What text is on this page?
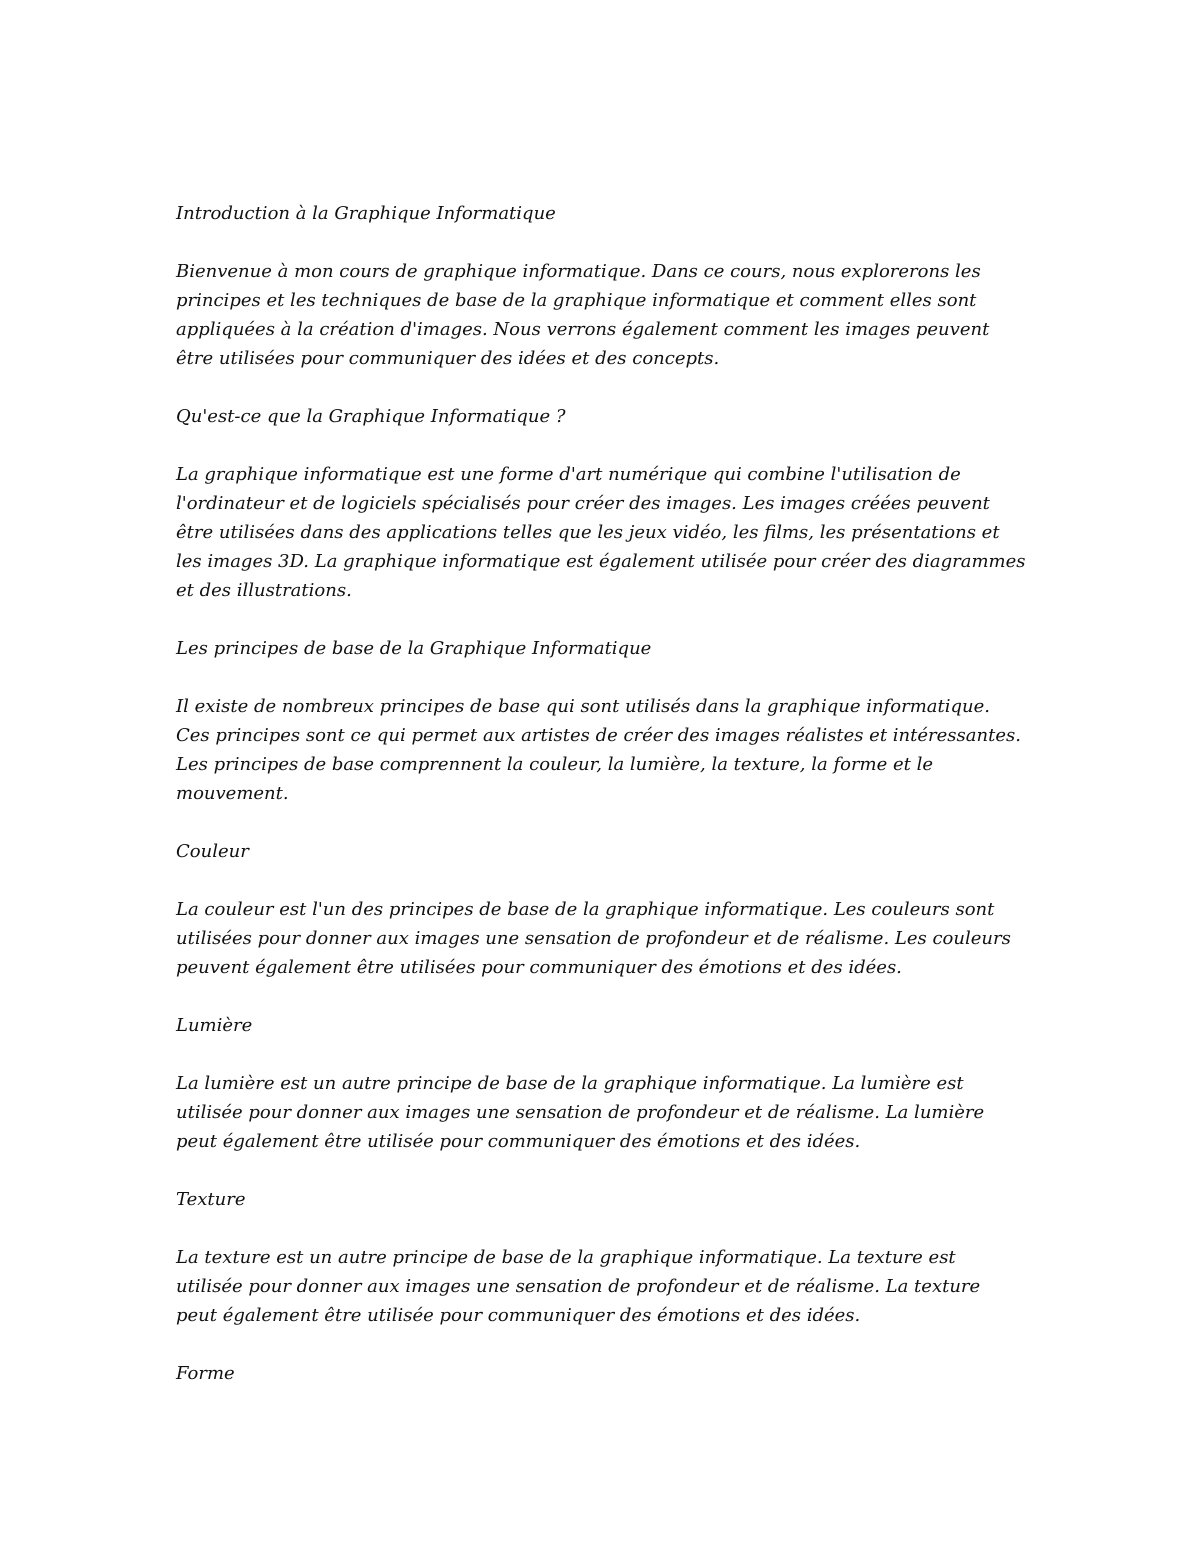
Introduction à la Graphique Informatique

Bienvenue à mon cours de graphique informatique. Dans ce cours, nous explorerons les principes et les techniques de base de la graphique informatique et comment elles sont appliquées à la création d'images. Nous verrons également comment les images peuvent être utilisées pour communiquer des idées et des concepts.

Qu'est-ce que la Graphique Informatique ?

La graphique informatique est une forme d'art numérique qui combine l'utilisation de l'ordinateur et de logiciels spécialisés pour créer des images. Les images créées peuvent être utilisées dans des applications telles que les jeux vidéo, les films, les présentations et les images 3D. La graphique informatique est également utilisée pour créer des diagrammes et des illustrations.

Les principes de base de la Graphique Informatique

Il existe de nombreux principes de base qui sont utilisés dans la graphique informatique. Ces principes sont ce qui permet aux artistes de créer des images réalistes et intéressantes. Les principes de base comprennent la couleur, la lumière, la texture, la forme et le mouvement.

Couleur

La couleur est l'un des principes de base de la graphique informatique. Les couleurs sont utilisées pour donner aux images une sensation de profondeur et de réalisme. Les couleurs peuvent également être utilisées pour communiquer des émotions et des idées.

Lumière

La lumière est un autre principe de base de la graphique informatique. La lumière est utilisée pour donner aux images une sensation de profondeur et de réalisme. La lumière peut également être utilisée pour communiquer des émotions et des idées.

Texture

La texture est un autre principe de base de la graphique informatique. La texture est utilisée pour donner aux images une sensation de profondeur et de réalisme. La texture peut également être utilisée pour communiquer des émotions et des idées.

Forme
